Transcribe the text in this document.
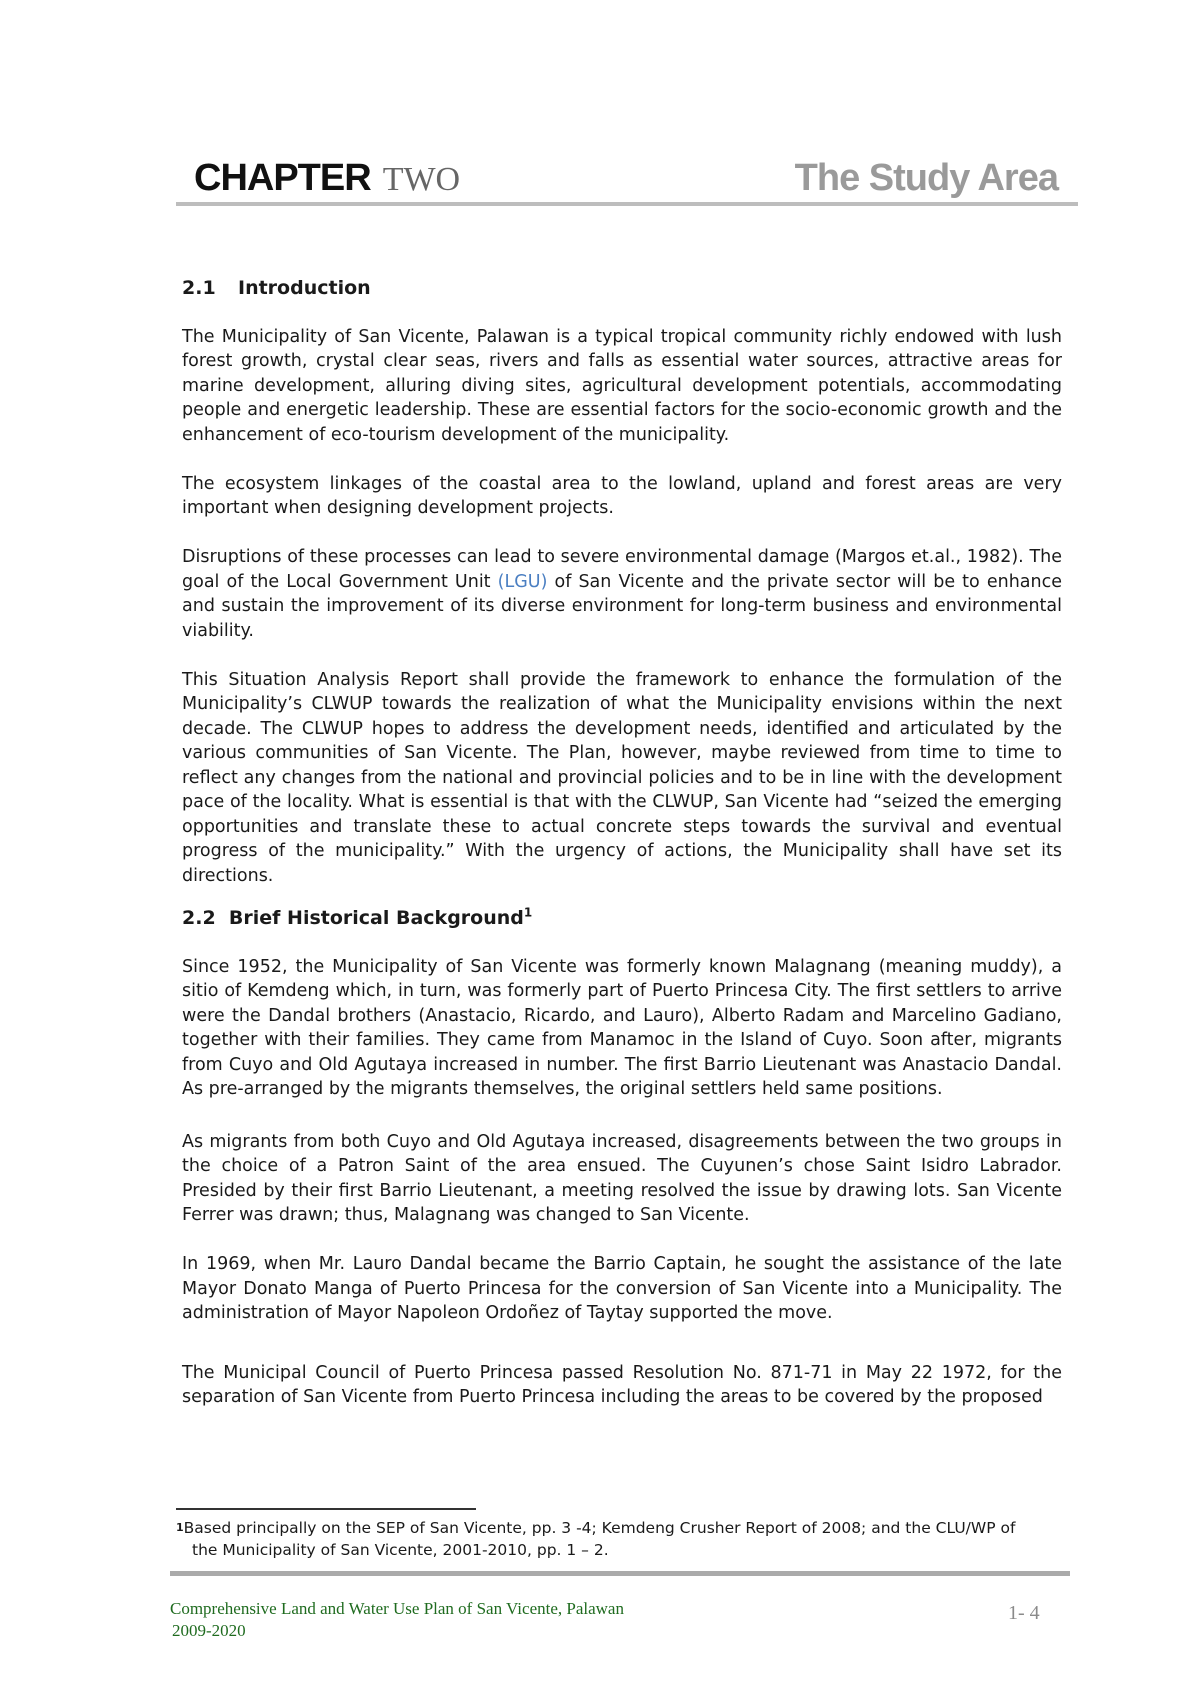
CHAPTER TWO	The Study Area
2.1 Introduction

The Municipality of San Vicente, Palawan is a typical tropical community richly endowed with lush forest growth, crystal clear seas, rivers and falls as essential water sources, attractive areas for marine development, alluring diving sites, agricultural development potentials, accommodating people and energetic leadership. These are essential factors for the socio-economic growth and the enhancement of eco-tourism development of the municipality.

The ecosystem linkages of the coastal area to the lowland, upland and forest areas are very important when designing development projects.

Disruptions of these processes can lead to severe environmental damage (Margos et.al., 1982). The goal of the Local Government Unit (LGU) of San Vicente and the private sector will be to enhance and sustain the improvement of its diverse environment for long-term business and environmental viability.

This Situation Analysis Report shall provide the framework to enhance the formulation of the Municipality’s CLWUP towards the realization of what the Municipality envisions within the next decade. The CLWUP hopes to address the development needs, identified and articulated by the various communities of San Vicente. The Plan, however, maybe reviewed from time to time to reflect any changes from the national and provincial policies and to be in line with the development pace of the locality. What is essential is that with the CLWUP, San Vicente had “seized the emerging opportunities and translate these to actual concrete steps towards the survival and eventual progress of the municipality.” With the urgency of actions, the Municipality shall have set its directions.

2.2 Brief Historical Background$^1$

Since 1952, the Municipality of San Vicente was formerly known Malagnang (meaning muddy), a sitio of Kemdeng which, in turn, was formerly part of Puerto Princesa City. The first settlers to arrive were the Dandal brothers (Anastacio, Ricardo, and Lauro), Alberto Radam and Marcelino Gadiano, together with their families. They came from Manamoc in the Island of Cuyo. Soon after, migrants from Cuyo and Old Agutaya increased in number. The first Barrio Lieutenant was Anastacio Dandal. As pre-arranged by the migrants themselves, the original settlers held same positions.

As migrants from both Cuyo and Old Agutaya increased, disagreements between the two groups in the choice of a Patron Saint of the area ensued. The Cuyunen’s chose Saint Isidro Labrador. Presided by their first Barrio Lieutenant, a meeting resolved the issue by drawing lots. San Vicente Ferrer was drawn; thus, Malagnang was changed to San Vicente.

In 1969, when Mr. Lauro Dandal became the Barrio Captain, he sought the assistance of the late Mayor Donato Manga of Puerto Princesa for the conversion of San Vicente into a Municipality. The administration of Mayor Napoleon Ordoñez of Taytay supported the move.

The Municipal Council of Puerto Princesa passed Resolution No. 871-71 in May 22 1972, for the separation of San Vicente from Puerto Princesa including the areas to be covered by the proposed

$^1$Based principally on the SEP of San Vicente, pp. 3 -4; Kemdeng Crusher Report of 2008; and the CLU/WP of
the Municipality of San Vicente, 2001-2010, pp. 1 – 2.
Comprehensive Land and Water Use Plan of San Vicente, Palawan
2009-2020
1- 4
